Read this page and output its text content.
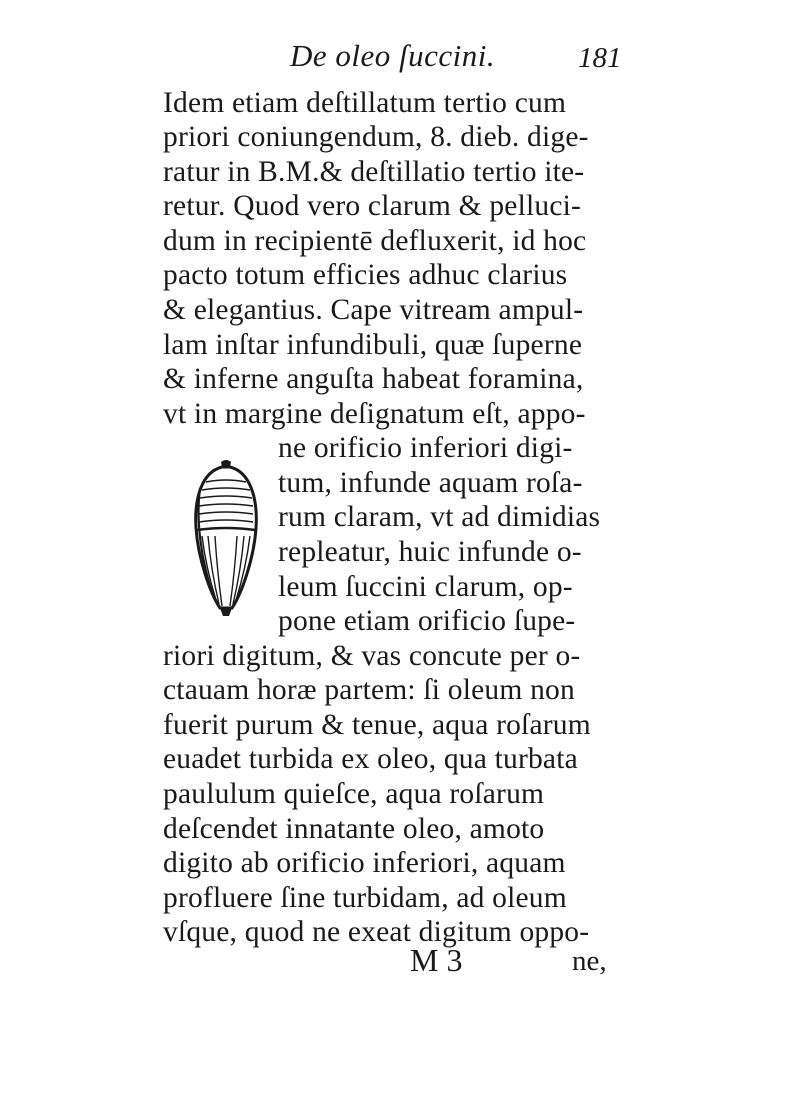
De oleo ſuccini.	181
Idem etiam deſtillatum tertio cum
priori coniungendum, 8. dieb. dige-
ratur in B.M.& deſtillatio tertio ite-
retur. Quod vero clarum & pelluci-
dum in recipientē defluxerit, id hoc
pacto totum efficies adhuc clarius
& elegantius. Cape vitream ampul-
lam inſtar infundibuli, quæ ſuperne
& inferne anguſta habeat foramina,
vt in margine deſignatum eſt, appo-
ne orificio inferiori digi-
tum, infunde aquam roſa-
rum claram, vt ad dimidias
repleatur, huic infunde o-
leum ſuccini clarum, op-
pone etiam orificio ſupe-
riori digitum, & vas concute per o-
ctauam horæ partem: ſi oleum non
fuerit purum & tenue, aqua roſarum
euadet turbida ex oleo, qua turbata
paululum quieſce, aqua roſarum
deſcendet innatante oleo, amoto
digito ab orificio inferiori, aquam
profluere ſine turbidam, ad oleum
vſque, quod ne exeat digitum oppo-
M 3	ne,
